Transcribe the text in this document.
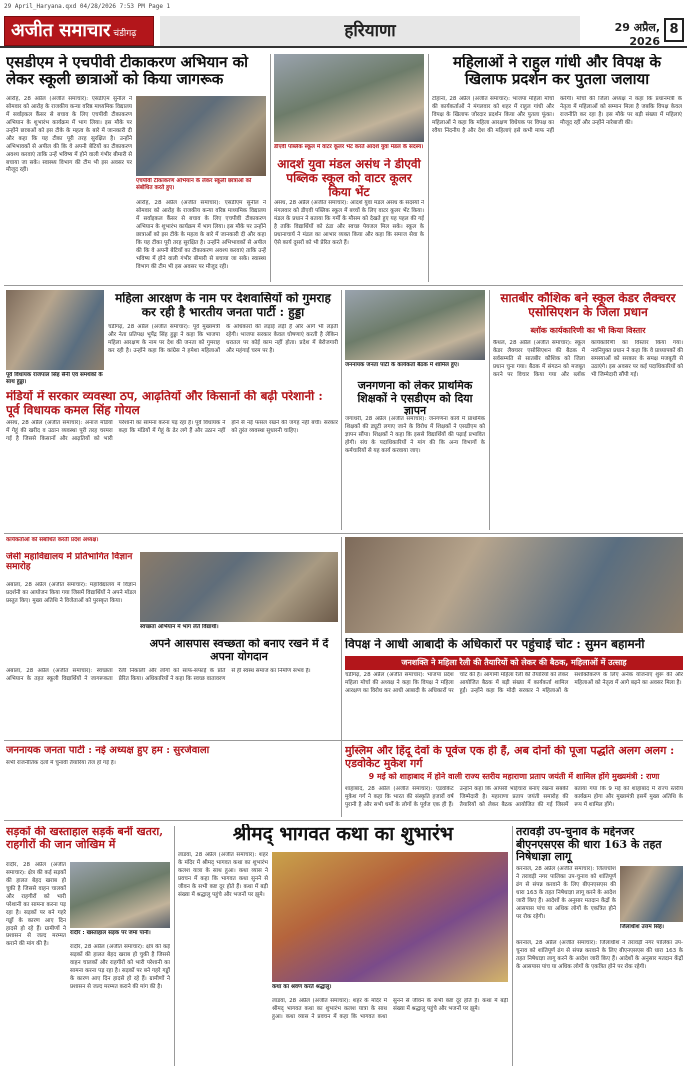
29 April_Haryana.qxd 04/28/2026 7:53 PM Page 1
अजीत समाचार चंडीगढ़	हरियाणा	29 अप्रैल, 2026
8
एसडीएम ने एचपीवी टीकाकरण अभियान को लेकर स्कूली छात्राओं को किया जागरूक
आरोह, 28 अप्रैल (अजीत समाचार): एसडीएम सुनील ने सोमवार को आरोह के राजकीय कन्या वरिष्ठ माध्यमिक विद्यालय में सर्वाइकल कैंसर से बचाव के लिए एचपीवी टीकाकरण अभियान के शुभारंभ कार्यक्रम में भाग लिया। इस मौके पर उन्होंने छात्राओं को इस टीके के महत्व के बारे में जानकारी दी और कहा कि यह टीका पूरी तरह सुरक्षित है। उन्होंने अभिभावकों से अपील की कि वे अपनी बेटियों का टीकाकरण अवश्य करवाएं ताकि उन्हें भविष्य में होने वाली गंभीर बीमारी से बचाया जा सके। स्वास्थ्य विभाग की टीम भी इस अवसर पर मौजूद रही।
एचपीवी टीकाकरण अभियान के लेकर स्कूली छात्राओं को संबोधित करते हुए।
आरोह, 28 अप्रैल (अजीत समाचार): एसडीएम सुनील ने सोमवार को आरोह के राजकीय कन्या वरिष्ठ माध्यमिक विद्यालय में सर्वाइकल कैंसर से बचाव के लिए एचपीवी टीकाकरण अभियान के शुभारंभ कार्यक्रम में भाग लिया। इस मौके पर उन्होंने छात्राओं को इस टीके के महत्व के बारे में जानकारी दी और कहा कि यह टीका पूरी तरह सुरक्षित है। उन्होंने अभिभावकों से अपील की कि वे अपनी बेटियों का टीकाकरण अवश्य करवाएं ताकि उन्हें भविष्य में होने वाली गंभीर बीमारी से बचाया जा सके। स्वास्थ्य विभाग की टीम भी इस अवसर पर मौजूद रही।
डीएवी पब्लिक स्कूल में वाटर कूलर भेंट करते आदर्श युवा मंडल के सदस्य।
आदर्श युवा मंडल असंध ने डीएवी पब्लिक स्कूल को वाटर कूलर किया भेंट
असंध, 28 अप्रैल (अजीत समाचार): आदर्श युवा मंडल असंध के सदस्यों ने मंगलवार को डीएवी पब्लिक स्कूल में बच्चों के लिए वाटर कूलर भेंट किया। मंडल के प्रधान ने बताया कि गर्मी के मौसम को देखते हुए यह पहल की गई है ताकि विद्यार्थियों को ठंडा और स्वच्छ पेयजल मिल सके। स्कूल के प्रधानाचार्य ने मंडल का आभार व्यक्त किया और कहा कि समाज सेवा के ऐसे कार्य दूसरों को भी प्रेरित करते हैं।
महिलाओं ने राहुल गांधी और विपक्ष के खिलाफ प्रदर्शन कर पुतला जलाया
टोहाना, 28 अप्रैल (अजीत समाचार): भाजपा महिला मोर्चा की कार्यकर्ताओं ने मंगलवार को शहर में राहुल गांधी और विपक्ष के खिलाफ जोरदार प्रदर्शन किया और पुतला फूंका। महिलाओं ने कहा कि महिला आरक्षण विधेयक पर विपक्ष का रवैया निंदनीय है और देश की महिलाएं इसे कभी माफ नहीं करेंगी। मोर्चा की जिला अध्यक्ष ने कहा कि प्रधानमंत्री के नेतृत्व में महिलाओं को सम्मान मिला है जबकि विपक्ष केवल राजनीति कर रहा है। इस मौके पर बड़ी संख्या में महिलाएं मौजूद रहीं और उन्होंने नारेबाजी की।
पूर्व विधायक राजपाल सिंह सैनी एवं समर्थकों के साथ हुड्डा।
महिला आरक्षण के नाम पर देशवासियों को गुमराह कर रही है भारतीय जनता पार्टी : हुड्डा
चंडीगढ़, 28 अप्रैल (अजीत समाचार): पूर्व मुख्यमंत्री और नेता प्रतिपक्ष भूपेंद्र सिंह हुड्डा ने कहा कि भाजपा महिला आरक्षण के नाम पर देश की जनता को गुमराह कर रही है। उन्होंने कहा कि कांग्रेस ने हमेशा महिलाओं के अधिकारों की लड़ाई लड़ी है और आगे भी लड़ती रहेगी। भाजपा सरकार केवल घोषणाएं करती है लेकिन धरातल पर कोई काम नहीं होता। प्रदेश में बेरोजगारी और महंगाई चरम पर है।
मंडियों में सरकार व्यवस्था ठप, आढ़तियों और किसानों की बढ़ी परेशानी : पूर्व विधायक कमल सिंह गोयल
असंध, 28 अप्रैल (अजीत समाचार): अनाज मंडियों में गेहूं की खरीद व उठान व्यवस्था पूरी तरह चरमरा गई है जिससे किसानों और आढ़तियों को भारी परेशानी का सामना करना पड़ रहा है। पूर्व विधायक ने कहा कि मंडियों में गेहूं के ढेर लगे हैं और उठान नहीं होने से नई फसल रखने की जगह नहीं बची। सरकार को तुरंत व्यवस्था सुधारनी चाहिए।
जननायक जनता पार्टी के कार्यकर्ता बैठक में शामिल हुए।
जनगणना को लेकर प्राथमिक शिक्षकों ने एसडीएम को दिया ज्ञापन
जगाधरी, 28 अप्रैल (अजीत समाचार): जनगणना कार्य में प्राथमिक शिक्षकों की ड्यूटी लगाए जाने के विरोध में शिक्षकों ने एसडीएम को ज्ञापन सौंपा। शिक्षकों ने कहा कि इससे विद्यार्थियों की पढ़ाई प्रभावित होगी। संघ के पदाधिकारियों ने मांग की कि अन्य विभागों के कर्मचारियों से यह कार्य करवाया जाए।
सातबीर कौशिक बने स्कूल केडर लैक्चरर एसोसिएशन के जिला प्रधान
ब्लॉक कार्यकारिणी का भी किया विस्तार
कैथल, 28 अप्रैल (अजीत समाचार): स्कूल केडर लैक्चरर एसोसिएशन की बैठक में सर्वसम्मति से सातबीर कौशिक को जिला प्रधान चुना गया। बैठक में संगठन को मजबूत करने पर विचार किया गया और ब्लॉक कार्यकारिणी का विस्तार किया गया। नवनियुक्त प्रधान ने कहा कि वे प्राध्यापकों की समस्याओं को सरकार के समक्ष मजबूती से उठाएंगे। इस अवसर पर कई पदाधिकारियों को भी जिम्मेदारी सौंपी गई।
कार्यकर्ताओं को संबोधित करती प्रदेश अध्यक्ष।
जेसी महाविद्यालय में प्रतिभागित विज्ञान समारोह
अंबाला, 28 अप्रैल (अजीत समाचार): महाविद्यालय में विज्ञान प्रदर्शनी का आयोजन किया गया जिसमें विद्यार्थियों ने अपने मॉडल प्रस्तुत किए। मुख्य अतिथि ने विजेताओं को पुरस्कृत किया।
स्वच्छता अभियान में भाग लेते विद्यार्थी।
अपने आसपास स्वच्छता को बनाए रखने में दें अपना योगदान
अंबाला, 28 अप्रैल (अजीत समाचार): स्वच्छता अभियान के तहत स्कूली विद्यार्थियों ने जागरूकता रैली निकाली और लोगों को साफ-सफाई के प्रति प्रेरित किया। अधिकारियों ने कहा कि स्वच्छ वातावरण से ही स्वस्थ समाज का निर्माण संभव है।
विपक्ष ने आधी आबादी के अधिकारों पर पहुंचाई चोट : सुमन बहामनी
जनशक्ति ने महिला रैली की तैयारियों को लेकर की बैठक, महिलाओं में उत्साह
चंडीगढ़, 28 अप्रैल (अजीत समाचार): भाजपा प्रदेश महिला मोर्चा की अध्यक्ष ने कहा कि विपक्ष ने महिला आरक्षण का विरोध कर आधी आबादी के अधिकारों पर चोट की है। आगामी महिला रैली की तैयारियों को लेकर आयोजित बैठक में बड़ी संख्या में कार्यकर्ता शामिल हुईं। उन्होंने कहा कि मोदी सरकार ने महिलाओं के सशक्तिकरण के लिए अनेक योजनाएं शुरू कीं और महिलाओं को नेतृत्व में आगे बढ़ने का अवसर मिला है।
जननायक जनता पार्टी : नई अध्यक्ष हुए हम : सुरजेवाला
सभी राजनीतिक दलों में चुनावी तैयारियां तेज हो गई हैं।
मुस्लिम और हिंदू देवों के पूर्वज एक ही हैं, अब दोनों की पूजा पद्धति अलग अलग : एडवोकेट मुकेश गर्ग
9 मई को शाहाबाद में होने वाली राज्य स्तरीय महाराणा प्रताप जयंती में शामिल होंगे मुख्यमंत्री : राणा
शाहाबाद, 28 अप्रैल (अजीत समाचार): एडवोकेट मुकेश गर्ग ने कहा कि भारत की संस्कृति हजारों वर्ष पुरानी है और सभी धर्मों के लोगों के पूर्वज एक ही हैं। उन्होंने कहा कि आपसी भाईचारा बनाए रखना सबकी जिम्मेदारी है। महाराणा प्रताप जयंती समारोह की तैयारियों को लेकर बैठक आयोजित की गई जिसमें बताया गया कि 9 मई को शाहाबाद में राज्य स्तरीय कार्यक्रम होगा और मुख्यमंत्री इसमें मुख्य अतिथि के रूप में शामिल होंगे।
सड़कों की खस्ताहाल सड़कें बनीं खतरा, राहगीरों की जान जोखिम में
रादौर, 28 अप्रैल (अजीत समाचार): क्षेत्र की कई सड़कों की हालत बेहद खराब हो चुकी है जिससे वाहन चालकों और राहगीरों को भारी परेशानी का सामना करना पड़ रहा है। सड़कों पर बने गहरे गड्ढों के कारण आए दिन हादसे हो रहे हैं। ग्रामीणों ने प्रशासन से जल्द मरम्मत कराने की मांग की है।
रादौर : खस्ताहाल सड़क पर जमा पानी।
रादौर, 28 अप्रैल (अजीत समाचार): क्षेत्र की कई सड़कों की हालत बेहद खराब हो चुकी है जिससे वाहन चालकों और राहगीरों को भारी परेशानी का सामना करना पड़ रहा है। सड़कों पर बने गहरे गड्ढों के कारण आए दिन हादसे हो रहे हैं। ग्रामीणों ने प्रशासन से जल्द मरम्मत कराने की मांग की है।
श्रीमद् भागवत कथा का शुभारंभ
लाडवा, 28 अप्रैल (अजीत समाचार): शहर के मंदिर में श्रीमद् भागवत कथा का शुभारंभ कलश यात्रा के साथ हुआ। कथा व्यास ने प्रवचन में कहा कि भागवत कथा सुनने से जीवन के सभी कष्ट दूर होते हैं। कथा में बड़ी संख्या में श्रद्धालु पहुंचे और भजनों पर झूमे।
कथा का श्रवण करते श्रद्धालु।
लाडवा, 28 अप्रैल (अजीत समाचार): शहर के मंदिर में श्रीमद् भागवत कथा का शुभारंभ कलश यात्रा के साथ हुआ। कथा व्यास ने प्रवचन में कहा कि भागवत कथा सुनने से जीवन के सभी कष्ट दूर होते हैं। कथा में बड़ी संख्या में श्रद्धालु पहुंचे और भजनों पर झूमे।
तरावड़ी उप-चुनाव के मद्देनजर बीएनएसएस की धारा 163 के तहत निषेधाज्ञा लागू
करनाल, 28 अप्रैल (अजीत समाचार): जिलाधीश ने तरावड़ी नगर पालिका उप-चुनाव को शांतिपूर्ण ढंग से संपन्न करवाने के लिए बीएनएसएस की धारा 163 के तहत निषेधाज्ञा लागू करने के आदेश जारी किए हैं। आदेशों के अनुसार मतदान केंद्रों के आसपास पांच या अधिक लोगों के एकत्रित होने पर रोक रहेगी।
जिलाधीश उत्तम सिंह।
करनाल, 28 अप्रैल (अजीत समाचार): जिलाधीश ने तरावड़ी नगर पालिका उप-चुनाव को शांतिपूर्ण ढंग से संपन्न करवाने के लिए बीएनएसएस की धारा 163 के तहत निषेधाज्ञा लागू करने के आदेश जारी किए हैं। आदेशों के अनुसार मतदान केंद्रों के आसपास पांच या अधिक लोगों के एकत्रित होने पर रोक रहेगी।
